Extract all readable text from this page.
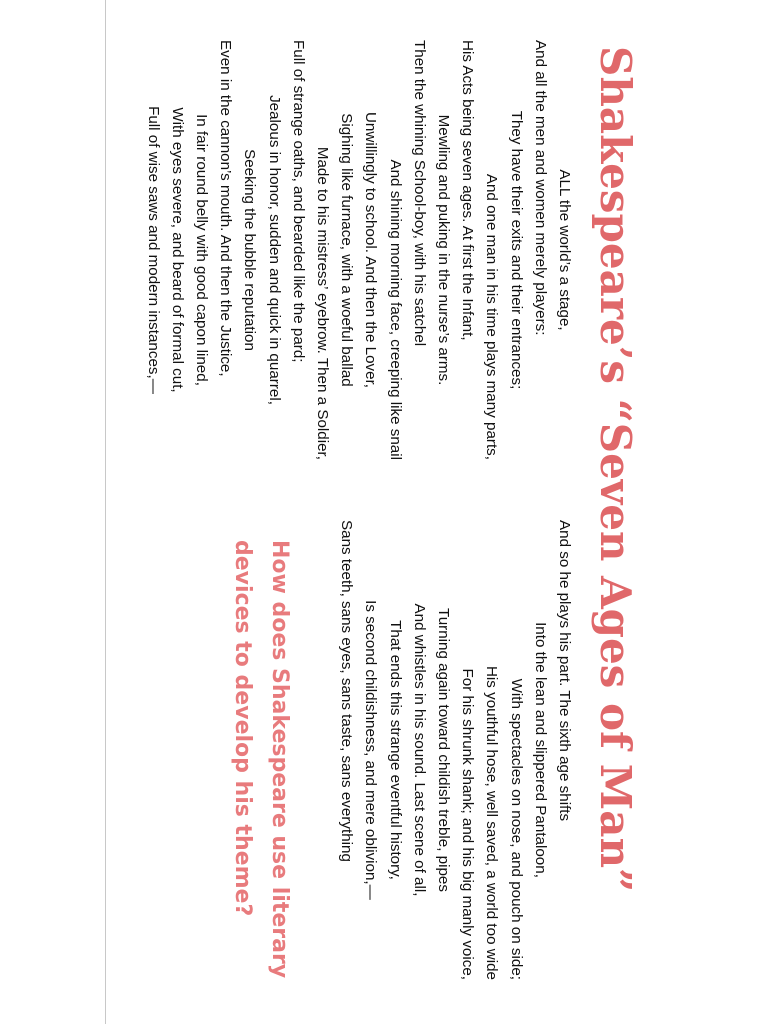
Shakespeare’s “Seven Ages of Man”
ALL the world’s a stage,
And all the men and women merely players:
They have their exits and their entrances;
And one man in his time plays many parts,
His Acts being seven ages. At first the Infant,
Mewling and puking in the nurse’s arms.
Then the whining School-boy, with his satchel
And shining morning face, creeping like snail
Unwillingly to school. And then the Lover,
Sighing like furnace, with a woeful ballad
Made to his mistress’ eyebrow. Then a Soldier,
Full of strange oaths, and bearded like the pard;
Jealous in honor, sudden and quick in quarrel,
Seeking the bubble reputation
Even in the cannon’s mouth. And then the Justice,
In fair round belly with good capon lined,
With eyes severe, and beard of formal cut,
Full of wise saws and modern instances,—
And so he plays his part. The sixth age shifts
Into the lean and slippered Pantaloon,
With spectacles on nose, and pouch on side;
His youthful hose, well saved, a world too wide
For his shrunk shank; and his big manly voice,
Turning again toward childish treble, pipes
And whistles in his sound. Last scene of all,
That ends this strange eventful history,
Is second childishness, and mere oblivion,—
Sans teeth, sans eyes, sans taste, sans everything

How does Shakespeare use literary devices to develop his theme?
